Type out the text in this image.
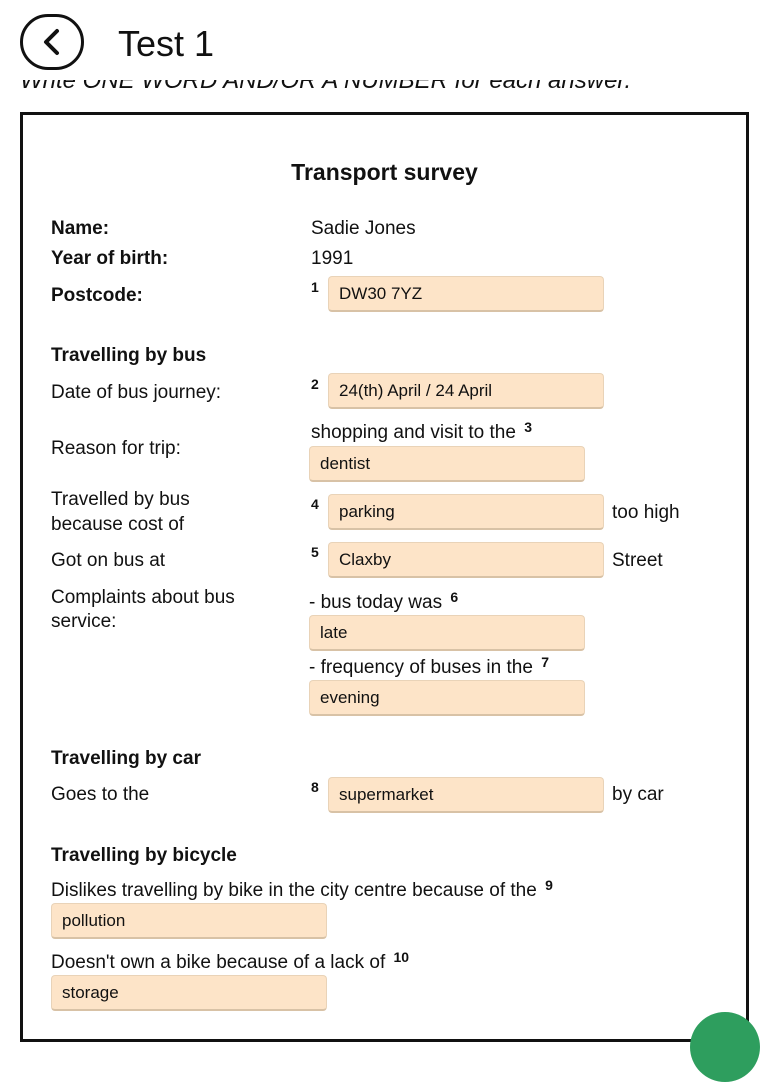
Test 1
Transport survey
Name:	Sadie Jones
Year of birth:	1991
Postcode:	1	DW30 7YZ
Travelling by bus
Date of bus journey:	2	24(th) April / 24 April
Reason for trip:
shopping and visit to the $^3$
dentist
Travelled by bus
because cost of
4	parking	too high
Got on bus at	5	Claxby	Street
Complaints about bus
service:
- bus today was $^6$
late
- frequency of buses in the $^7$
evening
Travelling by car
Goes to the	8	supermarket	by car
Travelling by bicycle
Dislikes travelling by bike in the city centre because of the $^9$
pollution
Doesn't own a bike because of a lack of $^{10}$
storage
